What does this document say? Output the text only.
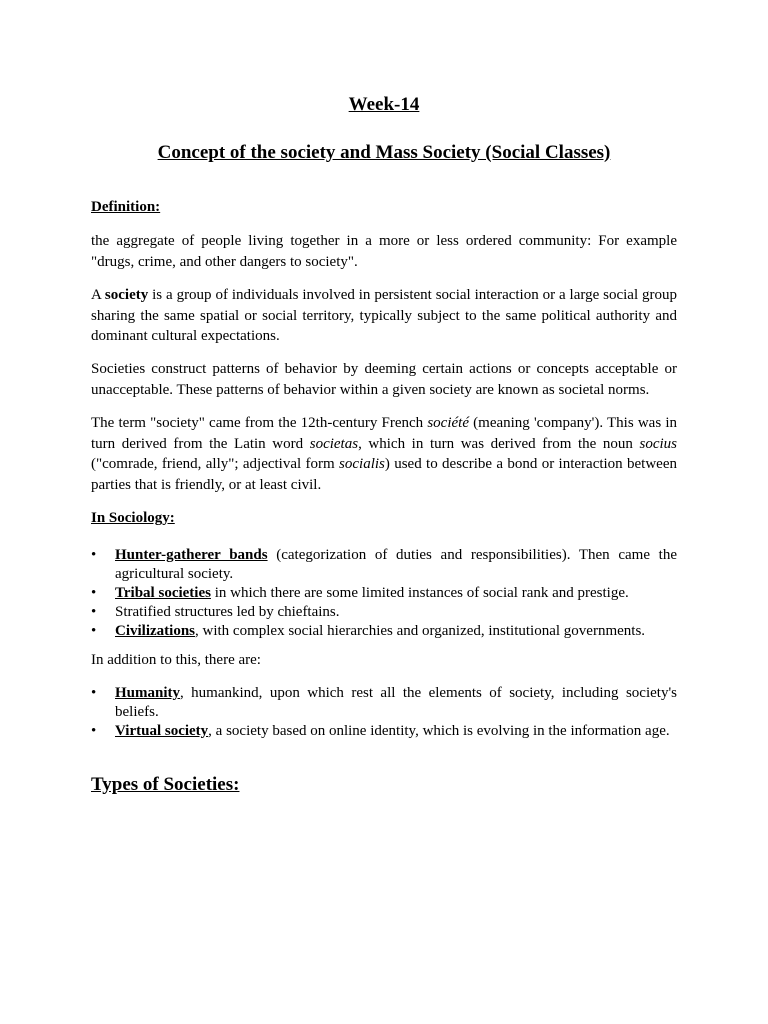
Week-14
Concept of the society and Mass Society (Social Classes)
Definition:

the aggregate of people living together in a more or less ordered community: For example "drugs, crime, and other dangers to society".

A society is a group of individuals involved in persistent social interaction or a large social group sharing the same spatial or social territory, typically subject to the same political authority and dominant cultural expectations.

Societies construct patterns of behavior by deeming certain actions or concepts acceptable or unacceptable. These patterns of behavior within a given society are known as societal norms.

The term "society" came from the 12th-century French société (meaning 'company'). This was in turn derived from the Latin word societas, which in turn was derived from the noun socius ("comrade, friend, ally"; adjectival form socialis) used to describe a bond or interaction between parties that is friendly, or at least civil.

In Sociology:
• Hunter-gatherer bands (categorization of duties and responsibilities). Then came the agricultural society.
• Tribal societies in which there are some limited instances of social rank and prestige.
• Stratified structures led by chieftains.
• Civilizations, with complex social hierarchies and organized, institutional governments.

In addition to this, there are:

• Humanity, humankind, upon which rest all the elements of society, including society's beliefs.
• Virtual society, a society based on online identity, which is evolving in the information age.
Types of Societies:
